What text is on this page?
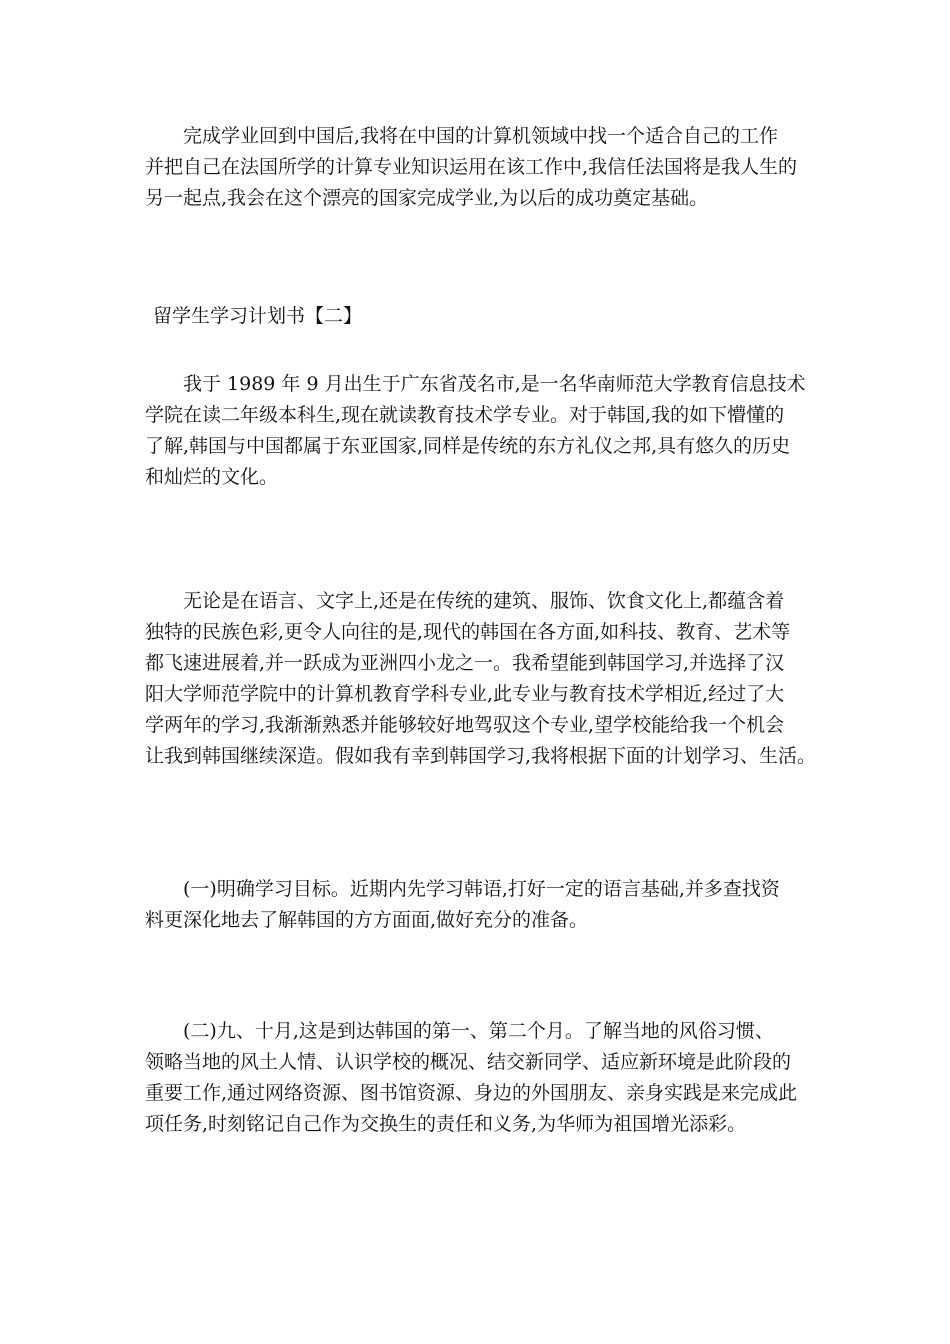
完成学业回到中国后,我将在中国的计算机领域中找一个适合自己的工作
并把自己在法国所学的计算专业知识运用在该工作中,我信任法国将是我人生的
另一起点,我会在这个漂亮的国家完成学业,为以后的成功奠定基础。

留学生学习计划书【二】

我于 1989 年 9 月出生于广东省茂名市,是一名华南师范大学教育信息技术
学院在读二年级本科生,现在就读教育技术学专业。对于韩国,我的如下懵懂的
了解,韩国与中国都属于东亚国家,同样是传统的东方礼仪之邦,具有悠久的历史
和灿烂的文化。

无论是在语言、文字上,还是在传统的建筑、服饰、饮食文化上,都蕴含着
独特的民族色彩,更令人向往的是,现代的韩国在各方面,如科技、教育、艺术等
都飞速进展着,并一跃成为亚洲四小龙之一。我希望能到韩国学习,并选择了汉
阳大学师范学院中的计算机教育学科专业,此专业与教育技术学相近,经过了大
学两年的学习,我渐渐熟悉并能够较好地驾驭这个专业,望学校能给我一个机会
让我到韩国继续深造。假如我有幸到韩国学习,我将根据下面的计划学习、生活。

(一)明确学习目标。近期内先学习韩语,打好一定的语言基础,并多查找资
料更深化地去了解韩国的方方面面,做好充分的准备。

(二)九、十月,这是到达韩国的第一、第二个月。了解当地的风俗习惯、
领略当地的风土人情、认识学校的概况、结交新同学、适应新环境是此阶段的
重要工作,通过网络资源、图书馆资源、身边的外国朋友、亲身实践是来完成此
项任务,时刻铭记自己作为交换生的责任和义务,为华师为祖国增光添彩。
